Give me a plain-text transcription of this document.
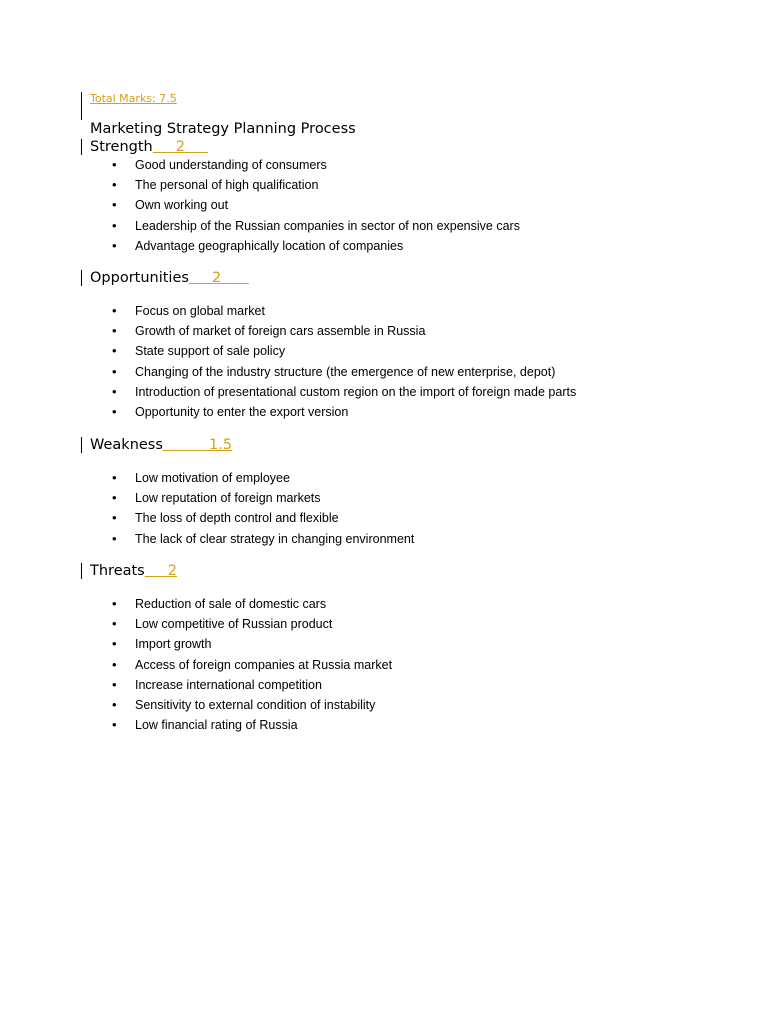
Total Marks: 7.5
Marketing Strategy Planning Process
Strength 2
• Good understanding of consumers
• The personal of high qualification
• Own working out
• Leadership of the Russian companies in sector of non expensive cars
• Advantage geographically location of companies
Opportunities 2
• Focus on global market
• Growth of market of foreign cars assemble in Russia
• State support of sale policy
• Changing of the industry structure (the emergence of new enterprise, depot)
• Introduction of presentational custom region on the import of foreign made parts
• Opportunity to enter the export version
Weakness	1.5
• Low motivation of employee
• Low reputation of foreign markets
• The loss of depth control and flexible
• The lack of clear strategy in changing environment
Threats 2
• Reduction of sale of domestic cars
• Low competitive of Russian product
• Import growth
• Access of foreign companies at Russia market
• Increase international competition
• Sensitivity to external condition of instability
• Low financial rating of Russia
